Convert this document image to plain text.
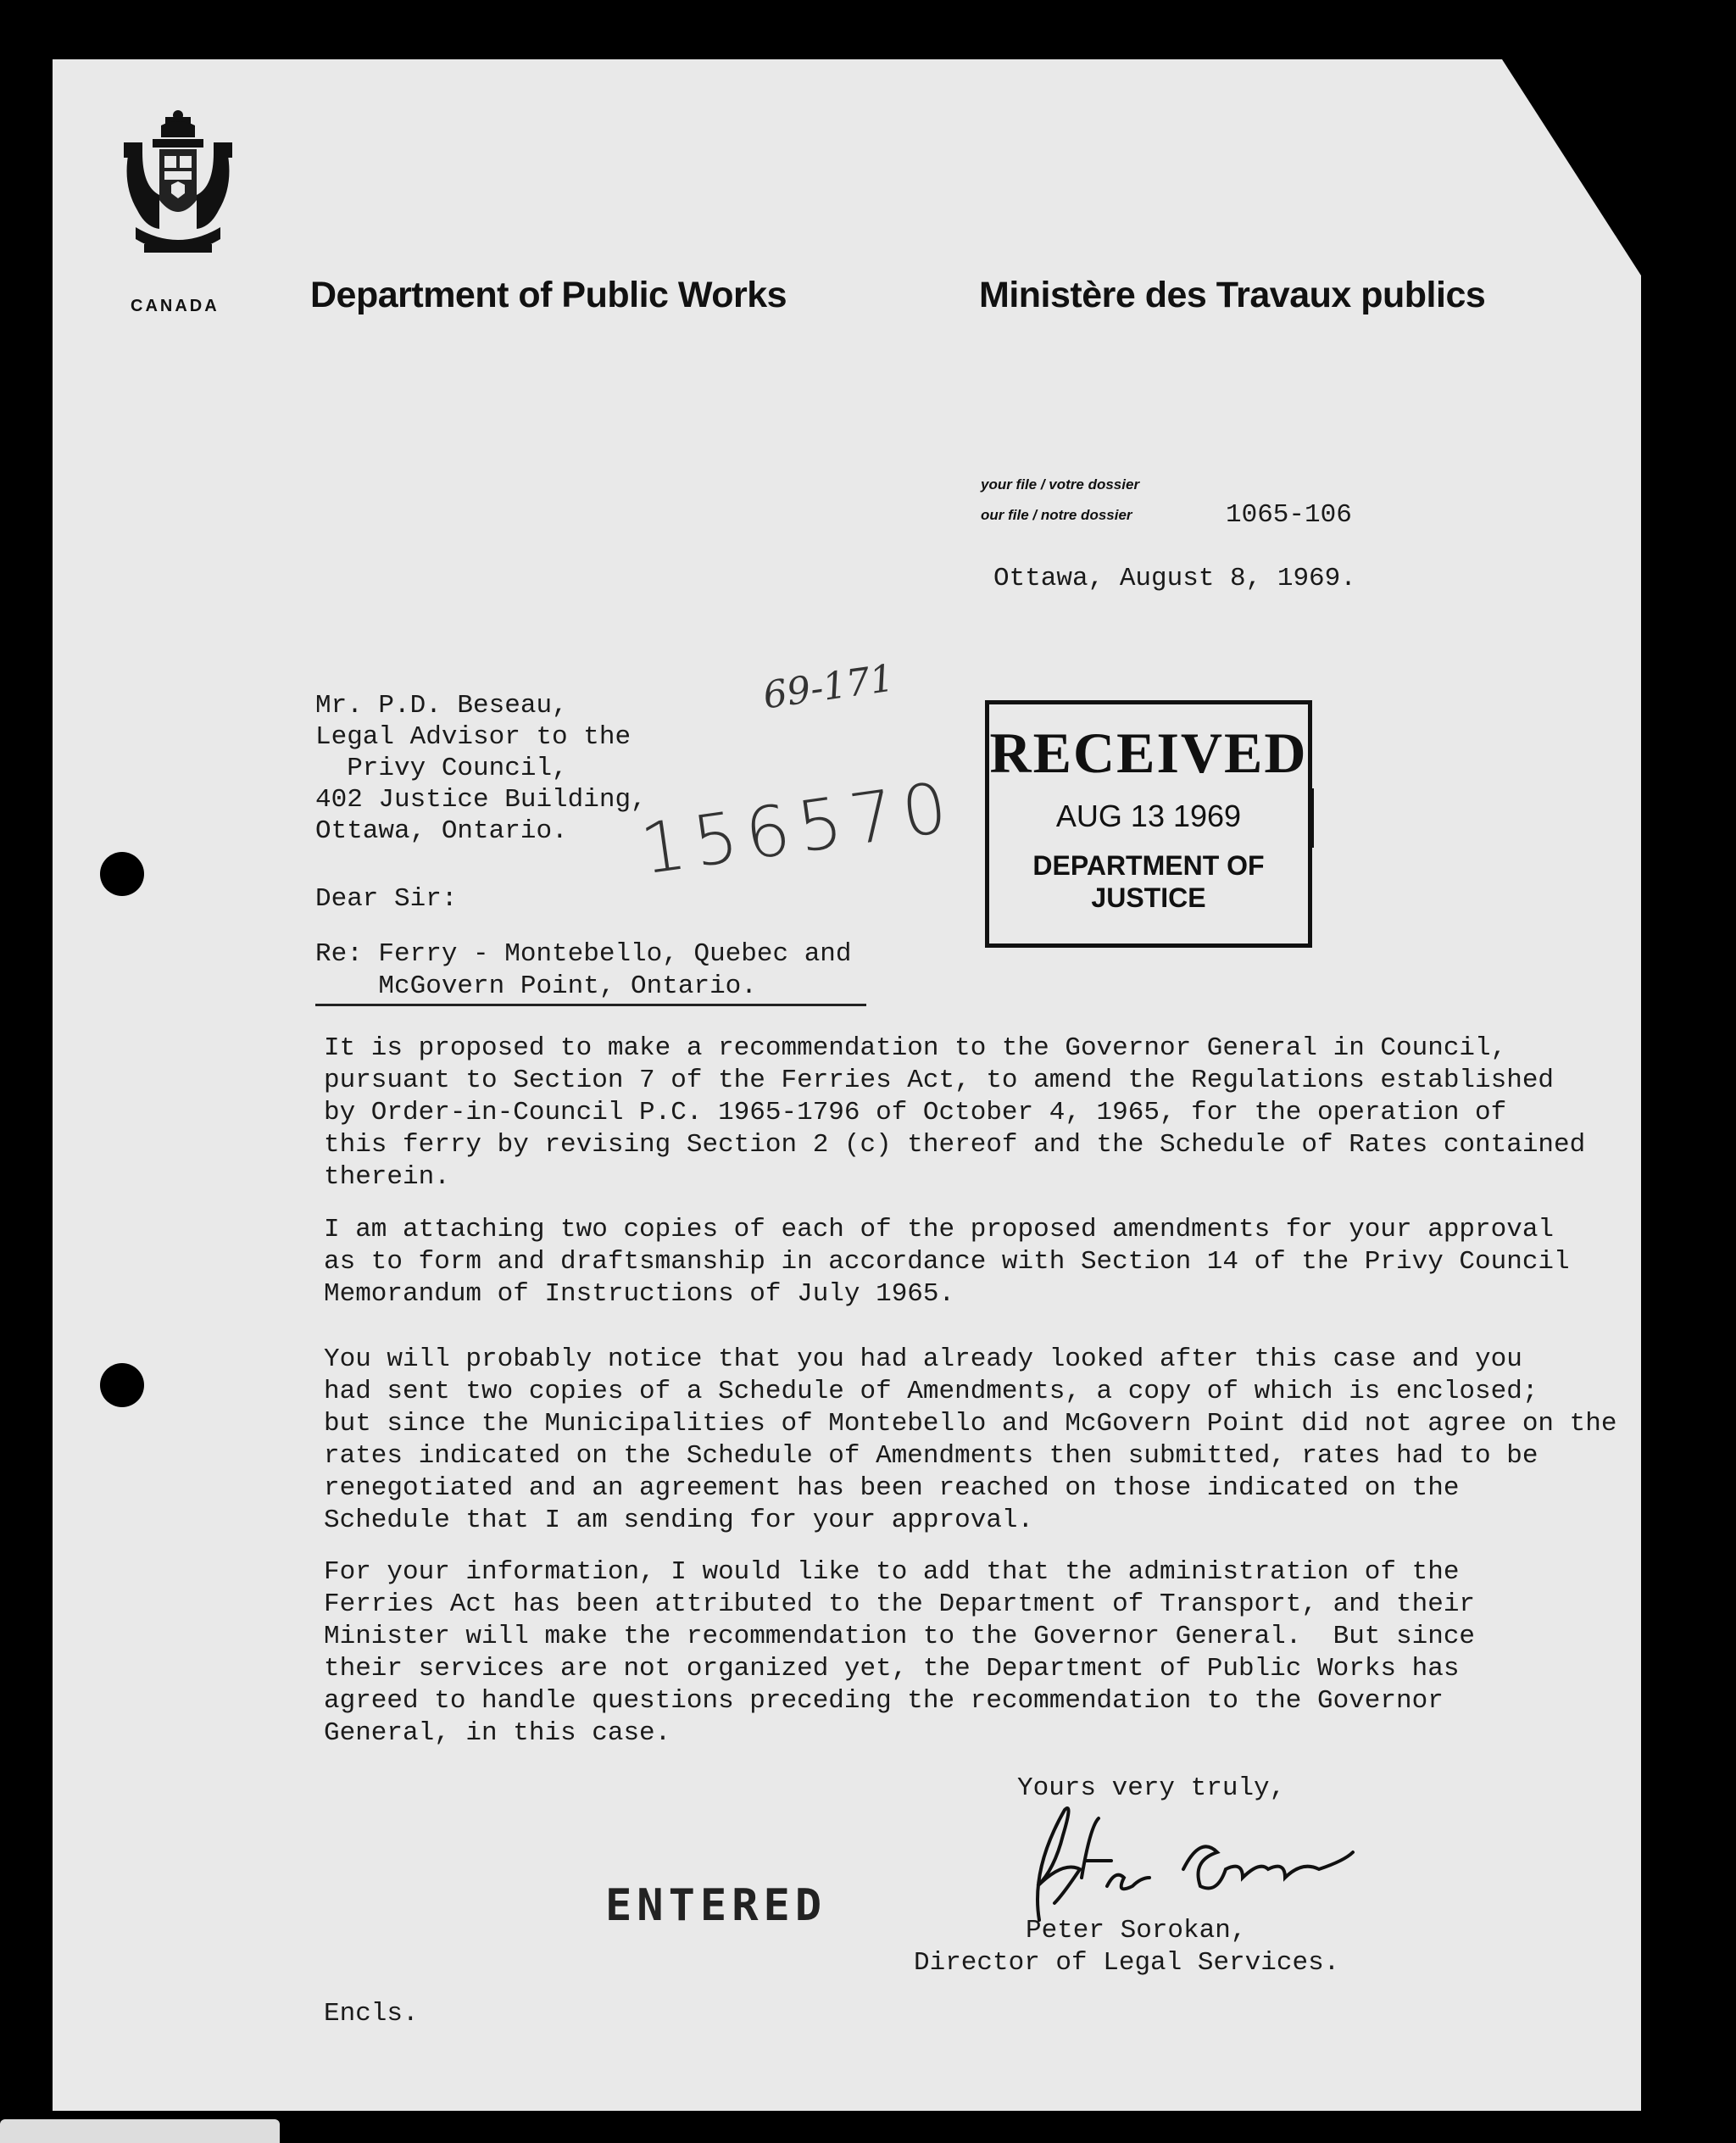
CANADA Department of Public Works	Ministère des Travaux publics
your file / votre dossier
our file / notre dossier	1065-106
Ottawa, August 8, 1969.
69-171
156570
Mr. P.D. Beseau,
Legal Advisor to the
Privy Council,
402 Justice Building,
Ottawa, Ontario.
RECEIVED
AUG 13 1969
DEPARTMENT OF
JUSTICE
Dear Sir:
Re: Ferry - Montebello, Quebec and
McGovern Point, Ontario.
It is proposed to make a recommendation to the Governor General in Council,
pursuant to Section 7 of the Ferries Act, to amend the Regulations established
by Order-in-Council P.C. 1965-1796 of October 4, 1965, for the operation of
this ferry by revising Section 2 (c) thereof and the Schedule of Rates contained
therein.
I am attaching two copies of each of the proposed amendments for your approval
as to form and draftsmanship in accordance with Section 14 of the Privy Council
Memorandum of Instructions of July 1965.
You will probably notice that you had already looked after this case and you
had sent two copies of a Schedule of Amendments, a copy of which is enclosed;
but since the Municipalities of Montebello and McGovern Point did not agree on the
rates indicated on the Schedule of Amendments then submitted, rates had to be
renegotiated and an agreement has been reached on those indicated on the
Schedule that I am sending for your approval.
For your information, I would like to add that the administration of the
Ferries Act has been attributed to the Department of Transport, and their
Minister will make the recommendation to the Governor General.  But since
their services are not organized yet, the Department of Public Works has
agreed to handle questions preceding the recommendation to the Governor
General, in this case.
Yours very truly,
ENTERED	Peter Sorokan,
Director of Legal Services.
Encls.
